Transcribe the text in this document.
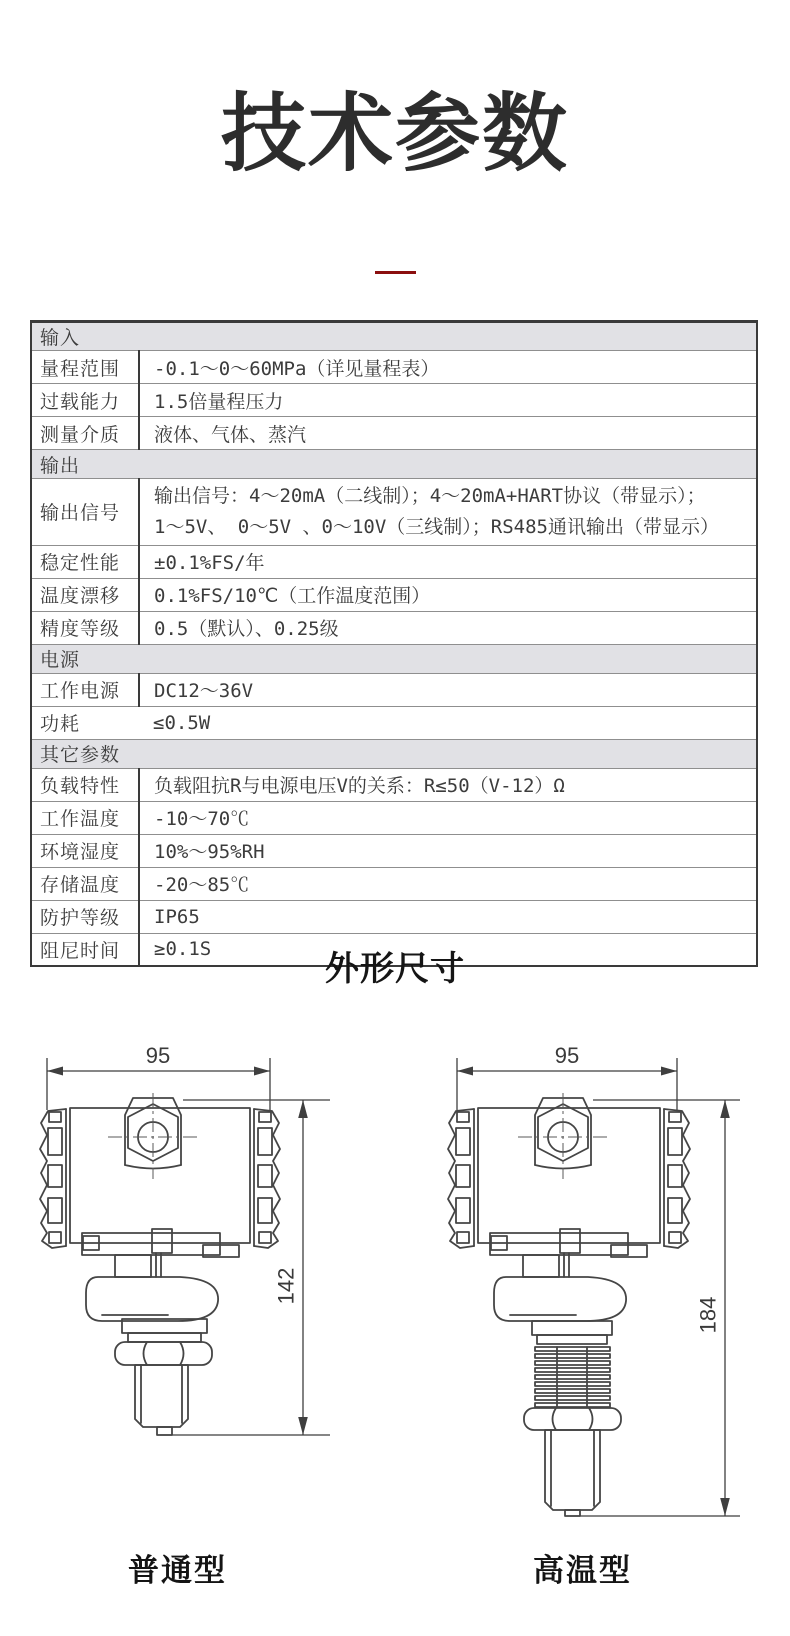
技术参数
输入	
量程范围	-0.1～0～60MPa（详见量程表）
过载能力	1.5倍量程压力
测量介质	液体、气体、蒸汽
输出	
输出信号	输出信号：4～20mA（二线制）；4～20mA+HART协议（带显示）；
1～5V、 0～5V 、0～10V（三线制）；RS485通讯输出（带显示）

稳定性能	±0.1%FS/年
温度漂移	0.1%FS/10℃（工作温度范围）
精度等级	0.5（默认）、0.25级
电源	
工作电源	DC12～36V
功耗	≤0.5W
其它参数	
负载特性	负载阻抗R与电源电压V的关系：R≤50（V-12）Ω
工作温度	-10～70℃
环境湿度	10%～95%RH
存储温度	-20～85℃
防护等级	IP65
阻尼时间	≥0.1S
外形尺寸
95
142
普通型
95
184
高温型
